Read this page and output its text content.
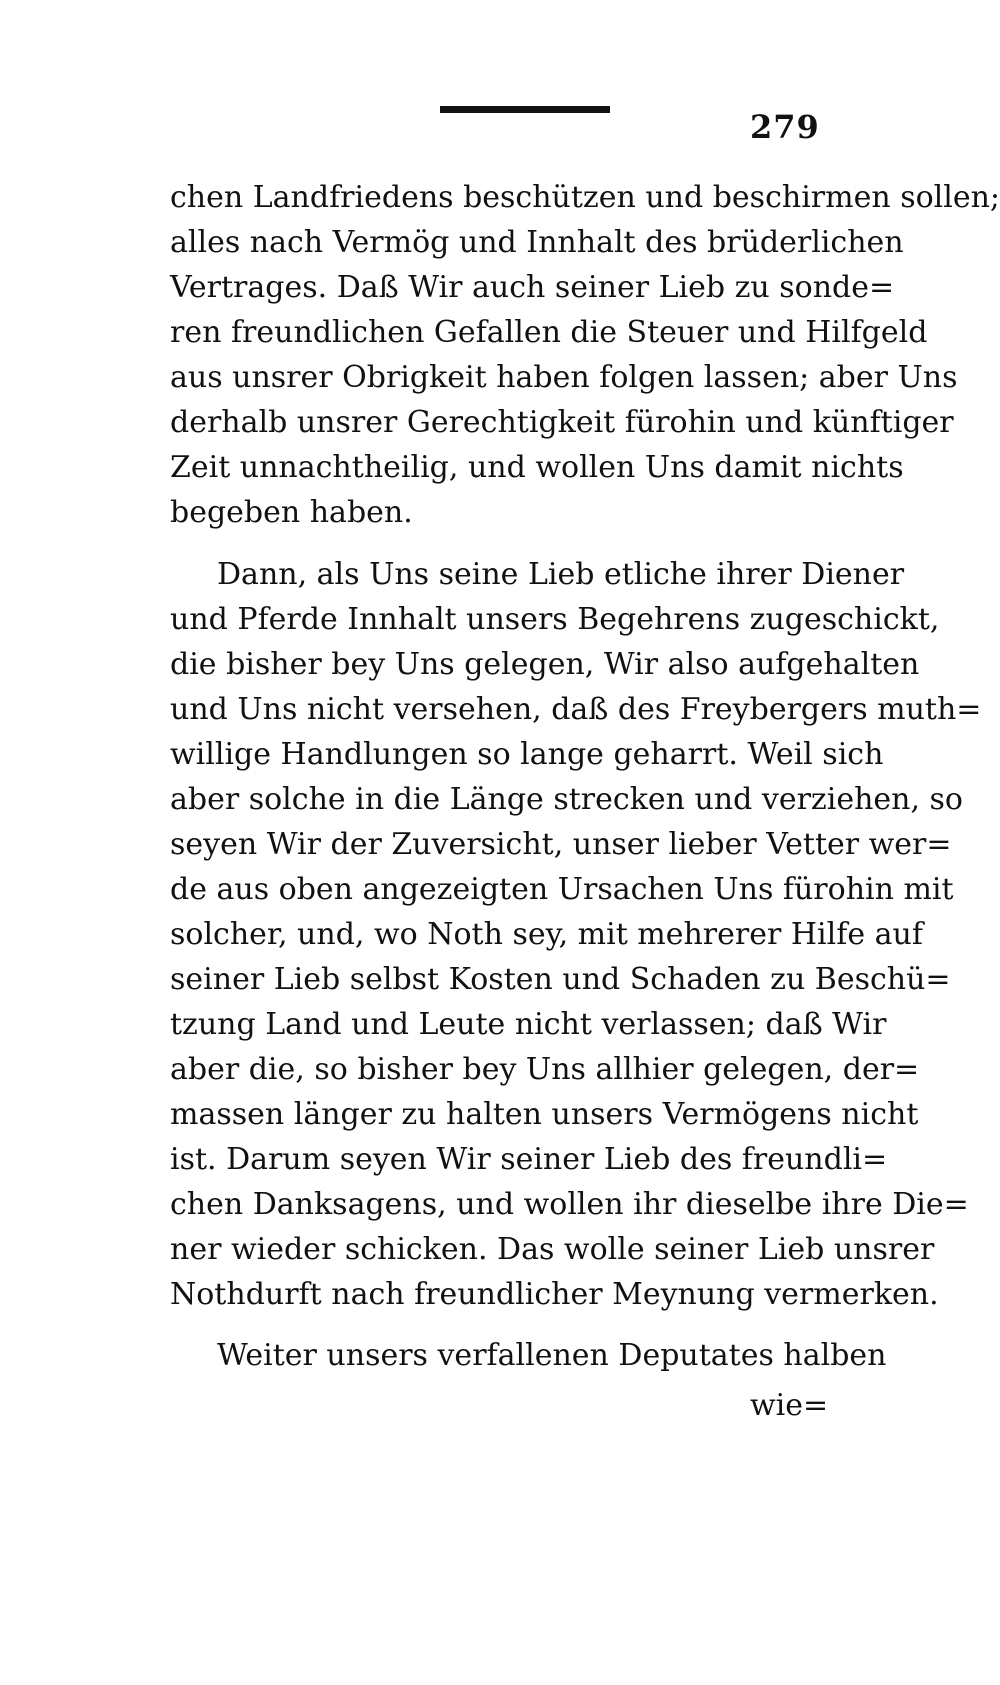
279
chen Landfriedens beschützen und beschirmen sollen;
alles nach Vermög und Innhalt des brüderlichen
Vertrages. Daß Wir auch seiner Lieb zu sonde=
ren freundlichen Gefallen die Steuer und Hilfgeld
aus unsrer Obrigkeit haben folgen lassen; aber Uns
derhalb unsrer Gerechtigkeit fürohin und künftiger
Zeit unnachtheilig, und wollen Uns damit nichts
begeben haben.
Dann, als Uns seine Lieb etliche ihrer Diener
und Pferde Innhalt unsers Begehrens zugeschickt,
die bisher bey Uns gelegen, Wir also aufgehalten
und Uns nicht versehen, daß des Freybergers muth=
willige Handlungen so lange geharrt. Weil sich
aber solche in die Länge strecken und verziehen, so
seyen Wir der Zuversicht, unser lieber Vetter wer=
de aus oben angezeigten Ursachen Uns fürohin mit
solcher, und, wo Noth sey, mit mehrerer Hilfe auf
seiner Lieb selbst Kosten und Schaden zu Beschü=
tzung Land und Leute nicht verlassen; daß Wir
aber die, so bisher bey Uns allhier gelegen, der=
massen länger zu halten unsers Vermögens nicht
ist. Darum seyen Wir seiner Lieb des freundli=
chen Danksagens, und wollen ihr dieselbe ihre Die=
ner wieder schicken. Das wolle seiner Lieb unsrer
Nothdurft nach freundlicher Meynung vermerken.
Weiter unsers verfallenen Deputates halben
wie=
